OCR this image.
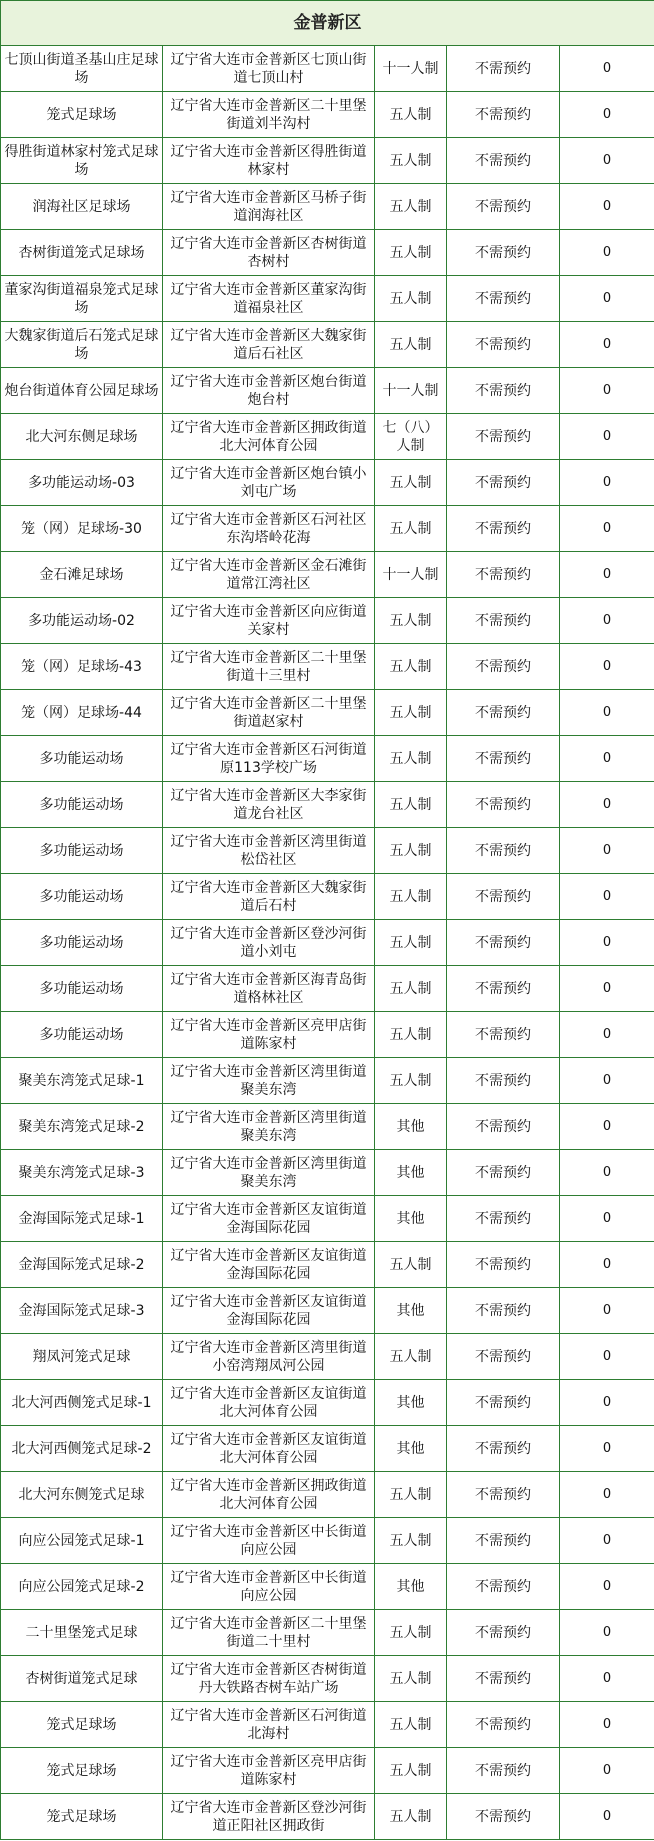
金普新区				
七顶山街道圣基山庄足球场	辽宁省大连市金普新区七顶山街道七顶山村	十一人制	不需预约	0
笼式足球场	辽宁省大连市金普新区二十里堡街道刘半沟村	五人制	不需预约	0
得胜街道林家村笼式足球场	辽宁省大连市金普新区得胜街道林家村	五人制	不需预约	0
润海社区足球场	辽宁省大连市金普新区马桥子街道润海社区	五人制	不需预约	0
杏树街道笼式足球场	辽宁省大连市金普新区杏树街道杏树村	五人制	不需预约	0
董家沟街道福泉笼式足球场	辽宁省大连市金普新区董家沟街道福泉社区	五人制	不需预约	0
大魏家街道后石笼式足球场	辽宁省大连市金普新区大魏家街道后石社区	五人制	不需预约	0
炮台街道体育公园足球场	辽宁省大连市金普新区炮台街道炮台村	十一人制	不需预约	0
北大河东侧足球场	辽宁省大连市金普新区拥政街道北大河体育公园	七（八）人制	不需预约	0
多功能运动场-03	辽宁省大连市金普新区炮台镇小刘屯广场	五人制	不需预约	0
笼（网）足球场-30	辽宁省大连市金普新区石河社区东沟塔岭花海	五人制	不需预约	0
金石滩足球场	辽宁省大连市金普新区金石滩街道常江湾社区	十一人制	不需预约	0
多功能运动场-02	辽宁省大连市金普新区向应街道关家村	五人制	不需预约	0
笼（网）足球场-43	辽宁省大连市金普新区二十里堡街道十三里村	五人制	不需预约	0
笼（网）足球场-44	辽宁省大连市金普新区二十里堡街道赵家村	五人制	不需预约	0
多功能运动场	辽宁省大连市金普新区石河街道原113学校广场	五人制	不需预约	0
多功能运动场	辽宁省大连市金普新区大李家街道龙台社区	五人制	不需预约	0
多功能运动场	辽宁省大连市金普新区湾里街道松岱社区	五人制	不需预约	0
多功能运动场	辽宁省大连市金普新区大魏家街道后石村	五人制	不需预约	0
多功能运动场	辽宁省大连市金普新区登沙河街道小刘屯	五人制	不需预约	0
多功能运动场	辽宁省大连市金普新区海青岛街道格林社区	五人制	不需预约	0
多功能运动场	辽宁省大连市金普新区亮甲店街道陈家村	五人制	不需预约	0
聚美东湾笼式足球-1	辽宁省大连市金普新区湾里街道聚美东湾	五人制	不需预约	0
聚美东湾笼式足球-2	辽宁省大连市金普新区湾里街道聚美东湾	其他	不需预约	0
聚美东湾笼式足球-3	辽宁省大连市金普新区湾里街道聚美东湾	其他	不需预约	0
金海国际笼式足球-1	辽宁省大连市金普新区友谊街道金海国际花园	其他	不需预约	0
金海国际笼式足球-2	辽宁省大连市金普新区友谊街道金海国际花园	五人制	不需预约	0
金海国际笼式足球-3	辽宁省大连市金普新区友谊街道金海国际花园	其他	不需预约	0
翔凤河笼式足球	辽宁省大连市金普新区湾里街道小窑湾翔凤河公园	五人制	不需预约	0
北大河西侧笼式足球-1	辽宁省大连市金普新区友谊街道北大河体育公园	其他	不需预约	0
北大河西侧笼式足球-2	辽宁省大连市金普新区友谊街道北大河体育公园	其他	不需预约	0
北大河东侧笼式足球	辽宁省大连市金普新区拥政街道北大河体育公园	五人制	不需预约	0
向应公园笼式足球-1	辽宁省大连市金普新区中长街道向应公园	五人制	不需预约	0
向应公园笼式足球-2	辽宁省大连市金普新区中长街道向应公园	其他	不需预约	0
二十里堡笼式足球	辽宁省大连市金普新区二十里堡街道二十里村	五人制	不需预约	0
杏树街道笼式足球	辽宁省大连市金普新区杏树街道丹大铁路杏树车站广场	五人制	不需预约	0
笼式足球场	辽宁省大连市金普新区石河街道北海村	五人制	不需预约	0
笼式足球场	辽宁省大连市金普新区亮甲店街道陈家村	五人制	不需预约	0
笼式足球场	辽宁省大连市金普新区登沙河街道正阳社区拥政街	五人制	不需预约	0
